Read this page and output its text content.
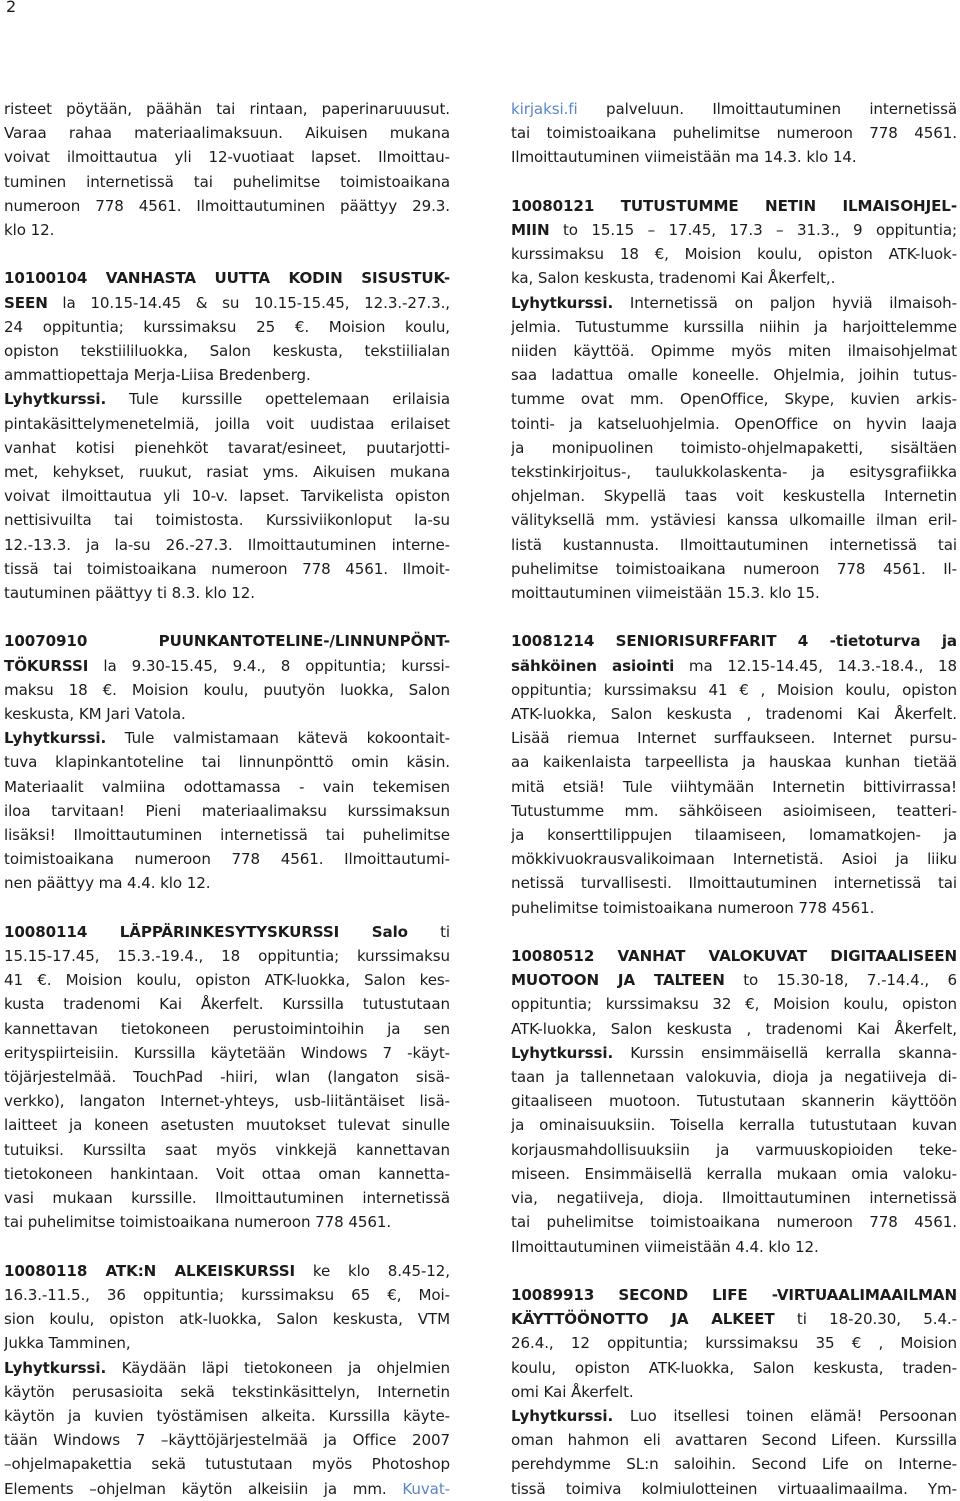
2
risteet pöytään, päähän tai rintaan, paperinaruuusut.
Varaa rahaa materiaalimaksuun. Aikuisen mukana
voivat ilmoittautua yli 12-vuotiaat lapset. Ilmoittau-
tuminen internetissä tai puhelimitse toimistoaikana
numeroon 778 4561. Ilmoittautuminen päättyy 29.3.
klo 12.
10100104 VANHASTA UUTTA KODIN SISUSTUK-
SEEN la 10.15-14.45 & su 10.15-15.45, 12.3.-27.3.,
24 oppituntia; kurssimaksu 25 €. Moision koulu,
opiston tekstiililuokka, Salon keskusta, tekstiilialan
ammattiopettaja Merja-Liisa Bredenberg.
Lyhytkurssi. Tule kurssille opettelemaan erilaisia
pintakäsittelymenetelmiä, joilla voit uudistaa erilaiset
vanhat kotisi pienehköt tavarat/esineet, puutarjotti-
met, kehykset, ruukut, rasiat yms. Aikuisen mukana
voivat ilmoittautua yli 10-v. lapset. Tarvikelista opiston
nettisivuilta tai toimistosta. Kurssiviikonloput la-su
12.-13.3. ja la-su 26.-27.3. Ilmoittautuminen interne-
tissä tai toimistoaikana numeroon 778 4561. Ilmoit-
tautuminen päättyy ti 8.3. klo 12.
10070910 PUUNKANTOTELINE-/LINNUNPÖNT-
TÖKURSSI la 9.30-15.45, 9.4., 8 oppituntia; kurssi-
maksu 18 €. Moision koulu, puutyön luokka, Salon
keskusta, KM Jari Vatola.
Lyhytkurssi. Tule valmistamaan kätevä kokoontait-
tuva klapinkantoteline tai linnunpönttö omin käsin.
Materiaalit valmiina odottamassa - vain tekemisen
iloa tarvitaan! Pieni materiaalimaksu kurssimaksun
lisäksi! Ilmoittautuminen internetissä tai puhelimitse
toimistoaikana numeroon 778 4561. Ilmoittautumi-
nen päättyy ma 4.4. klo 12.
10080114 LÄPPÄRINKESYTYSKURSSI Salo ti
15.15-17.45, 15.3.-19.4., 18 oppituntia; kurssimaksu
41 €. Moision koulu, opiston ATK-luokka, Salon kes-
kusta tradenomi Kai Åkerfelt. Kurssilla tutustutaan
kannettavan tietokoneen perustoimintoihin ja sen
erityspiirteisiin. Kurssilla käytetään Windows 7 -käyt-
töjärjestelmää. TouchPad -hiiri, wlan (langaton sisä-
verkko), langaton Internet-yhteys, usb-liitäntäiset lisä-
laitteet ja koneen asetusten muutokset tulevat sinulle
tutuiksi. Kurssilta saat myös vinkkejä kannettavan
tietokoneen hankintaan. Voit ottaa oman kannetta-
vasi mukaan kurssille. Ilmoittautuminen internetissä
tai puhelimitse toimistoaikana numeroon 778 4561.
10080118 ATK:N ALKEISKURSSI ke klo 8.45-12,
16.3.-11.5., 36 oppituntia; kurssimaksu 65 €, Moi-
sion koulu, opiston atk-luokka, Salon keskusta, VTM
Jukka Tamminen,
Lyhytkurssi. Käydään läpi tietokoneen ja ohjelmien
käytön perusasioita sekä tekstinkäsittelyn, Internetin
käytön ja kuvien työstämisen alkeita. Kurssilla käyte-
tään Windows 7 –käyttöjärjestelmää ja Office 2007
–ohjelmapakettia sekä tutustutaan myös Photoshop
Elements –ohjelman käytön alkeisiin ja mm. Kuvat-
kirjaksi.fi palveluun. Ilmoittautuminen internetissä
tai toimistoaikana puhelimitse numeroon 778 4561.
Ilmoittautuminen viimeistään ma 14.3. klo 14.
10080121 TUTUSTUMME NETIN ILMAISOHJEL-
MIIN to 15.15 – 17.45, 17.3 – 31.3., 9 oppituntia;
kurssimaksu 18 €, Moision koulu, opiston ATK-luok-
ka, Salon keskusta, tradenomi Kai Åkerfelt,.
Lyhytkurssi. Internetissä on paljon hyviä ilmaisoh-
jelmia. Tutustumme kurssilla niihin ja harjoittelemme
niiden käyttöä. Opimme myös miten ilmaisohjelmat
saa ladattua omalle koneelle. Ohjelmia, joihin tutus-
tumme ovat mm. OpenOffice, Skype, kuvien arkis-
tointi- ja katseluohjelmia. OpenOffice on hyvin laaja
ja monipuolinen toimisto-ohjelmapaketti, sisältäen
tekstinkirjoitus-, taulukkolaskenta- ja esitysgrafiikka
ohjelman. Skypellä taas voit keskustella Internetin
välityksellä mm. ystäviesi kanssa ulkomaille ilman eril-
listä kustannusta. Ilmoittautuminen internetissä tai
puhelimitse toimistoaikana numeroon 778 4561. Il-
moittautuminen viimeistään 15.3. klo 15.
10081214 SENIORISURFFARIT 4 -tietoturva ja
sähköinen asiointi ma 12.15-14.45, 14.3.-18.4., 18
oppituntia; kurssimaksu 41 € , Moision koulu, opiston
ATK-luokka, Salon keskusta , tradenomi Kai Åkerfelt.
Lisää riemua Internet surffaukseen. Internet pursu-
aa kaikenlaista tarpeellista ja hauskaa kunhan tietää
mitä etsiä! Tule viihtymään Internetin bittivirrassa!
Tutustumme mm. sähköiseen asioimiseen, teatteri-
ja konserttilippujen tilaamiseen, lomamatkojen- ja
mökkivuokrausvalikoimaan Internetistä. Asioi ja liiku
netissä turvallisesti. Ilmoittautuminen internetissä tai
puhelimitse toimistoaikana numeroon 778 4561.
10080512 VANHAT VALOKUVAT DIGITAALISEEN
MUOTOON JA TALTEEN to 15.30-18, 7.-14.4., 6
oppituntia; kurssimaksu 32 €, Moision koulu, opiston
ATK-luokka, Salon keskusta , tradenomi Kai Åkerfelt,
Lyhytkurssi. Kurssin ensimmäisellä kerralla skanna-
taan ja tallennetaan valokuvia, dioja ja negatiiveja di-
gitaaliseen muotoon. Tutustutaan skannerin käyttöön
ja ominaisuuksiin. Toisella kerralla tutustutaan kuvan
korjausmahdollisuuksiin ja varmuuskopioiden teke-
miseen. Ensimmäisellä kerralla mukaan omia valoku-
via, negatiiveja, dioja. Ilmoittautuminen internetissä
tai puhelimitse toimistoaikana numeroon 778 4561.
Ilmoittautuminen viimeistään 4.4. klo 12.
10089913 SECOND LIFE -VIRTUAALIMAAILMAN
KÄYTTÖÖNOTTO JA ALKEET ti 18-20.30, 5.4.-
26.4., 12 oppituntia; kurssimaksu 35 € , Moision
koulu, opiston ATK-luokka, Salon keskusta, traden-
omi Kai Åkerfelt.
Lyhytkurssi. Luo itsellesi toinen elämä! Persoonan
oman hahmon eli avattaren Second Lifeen. Kurssilla
perehdymme SL:n saloihin. Second Life on Interne-
tissä toimiva kolmiulotteinen virtuaalimaailma. Ym-
